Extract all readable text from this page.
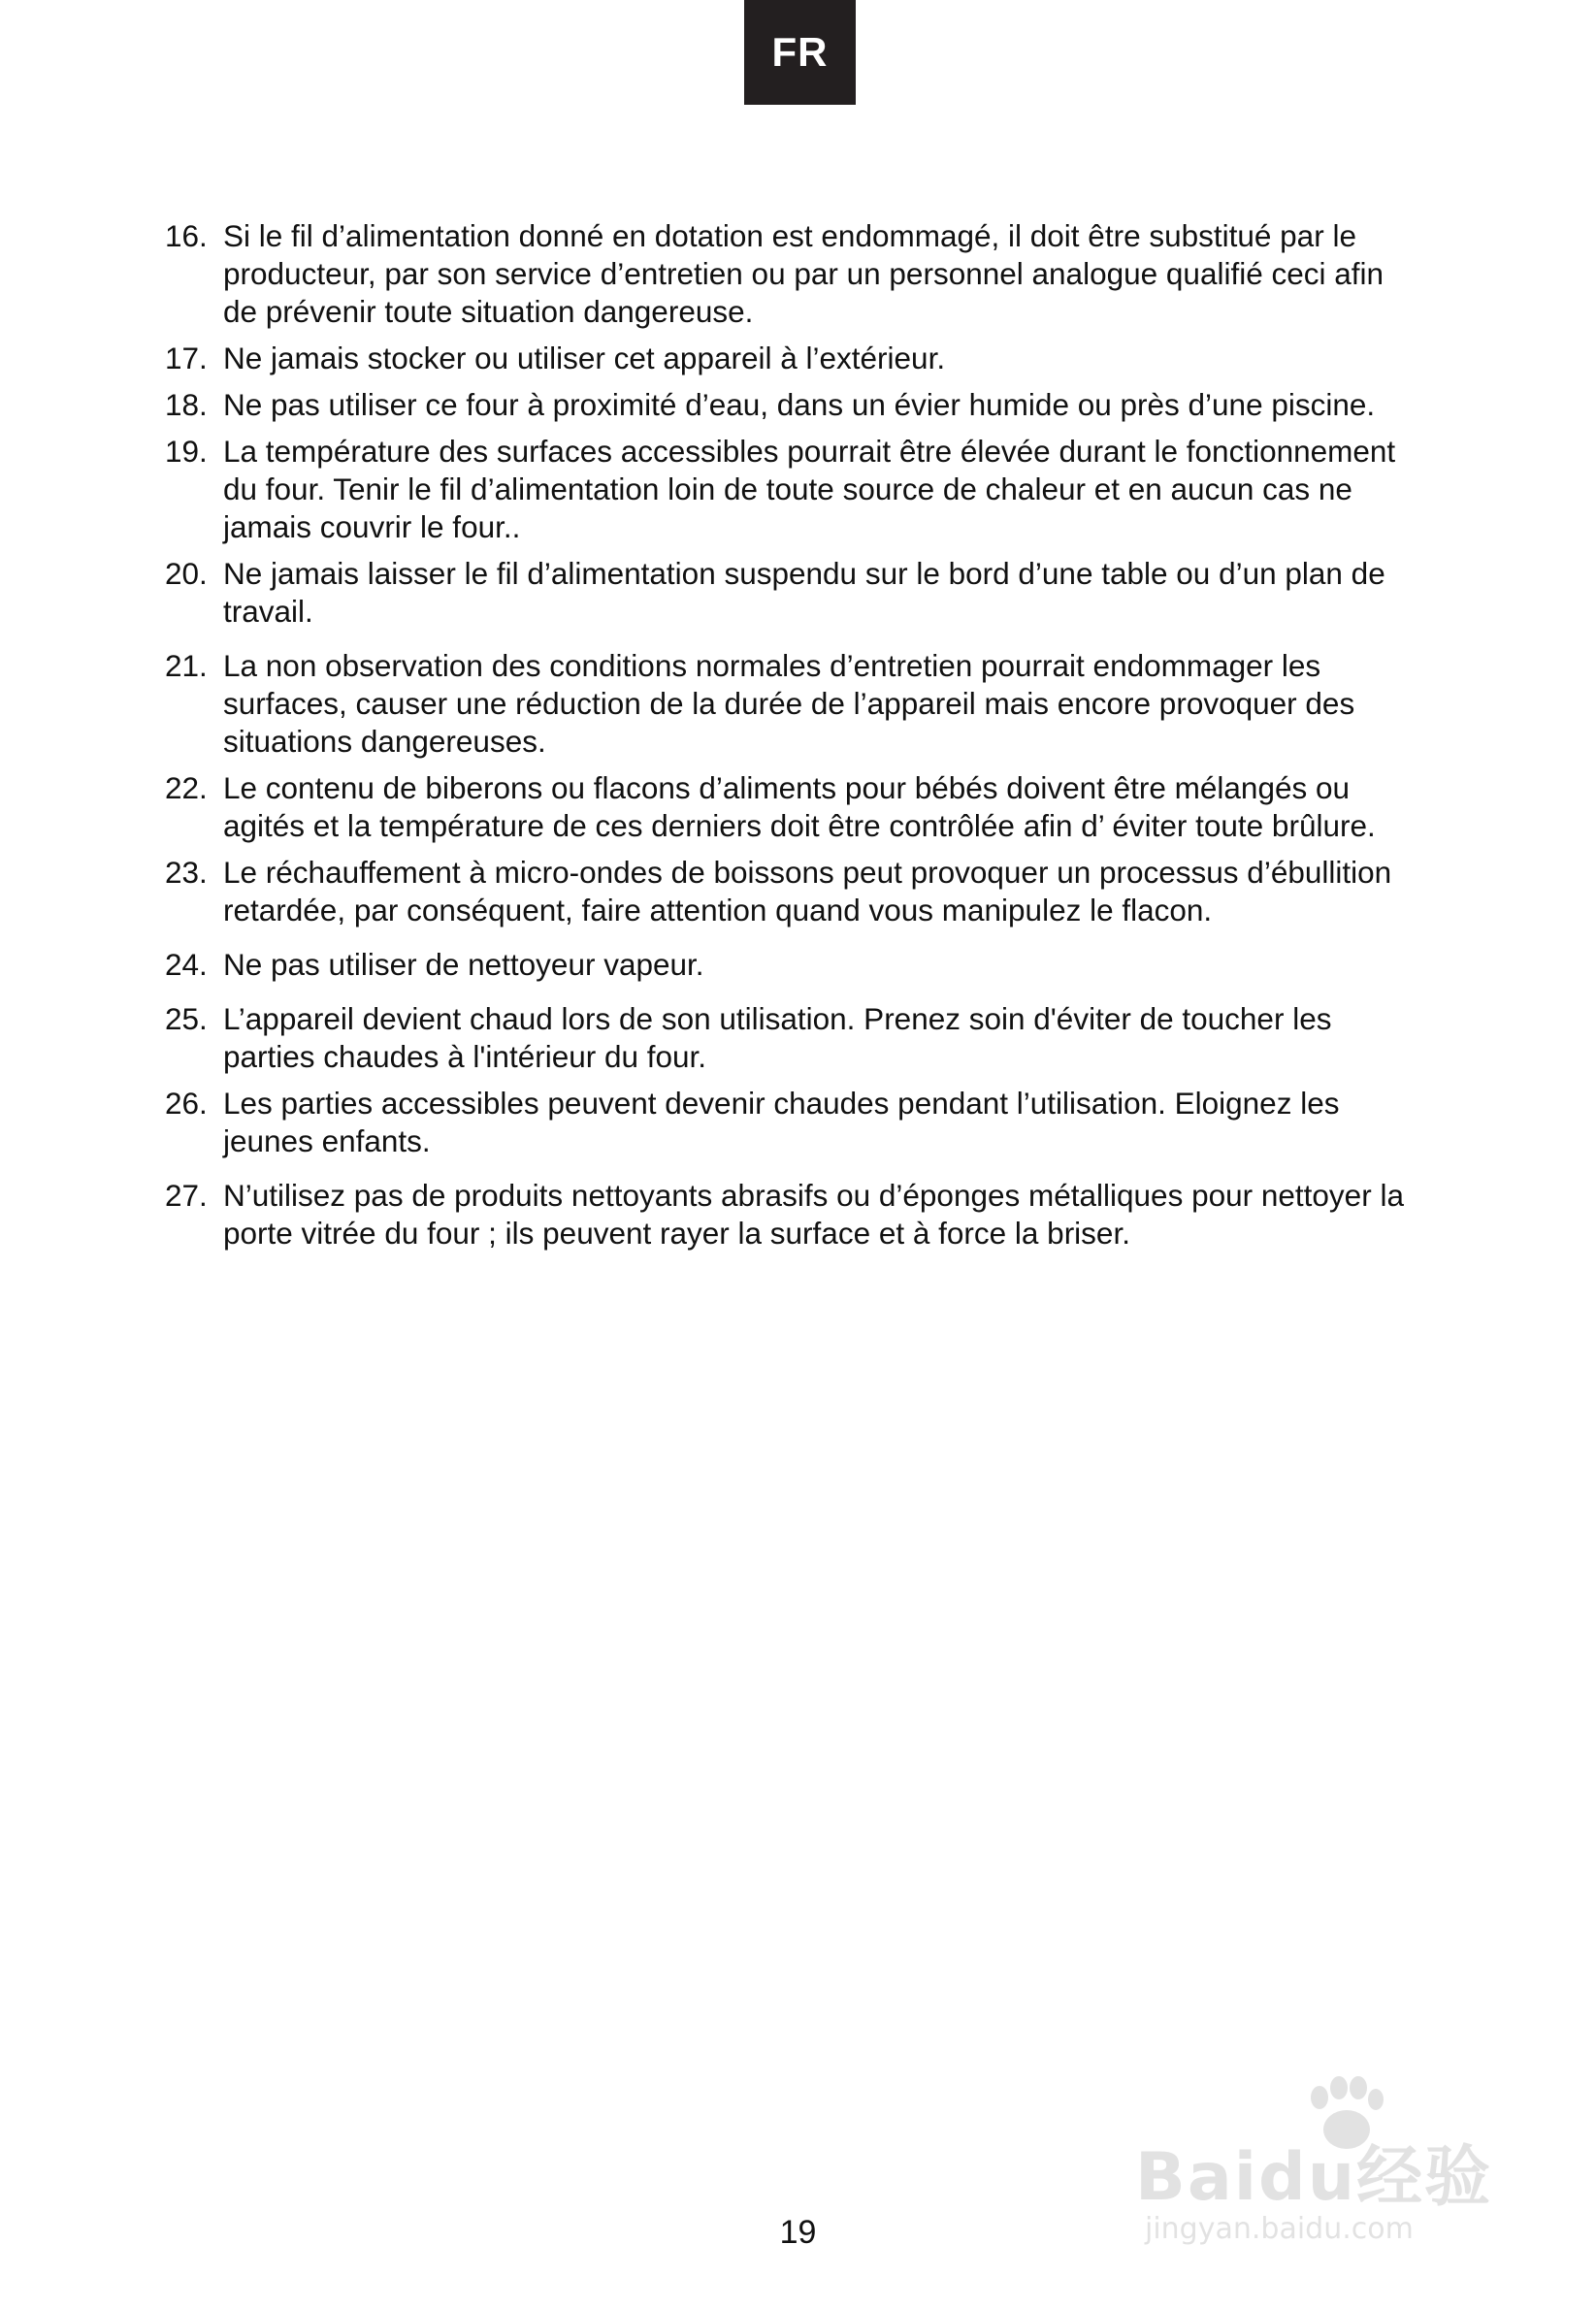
FR
16. Si le fil d’alimentation donné en dotation est endommagé, il doit être substitué par le producteur, par son service d’entretien ou par un personnel analogue qualifié ceci afin de prévenir toute situation dangereuse.
17. Ne jamais stocker ou utiliser cet appareil à l’extérieur.
18. Ne pas utiliser ce four à proximité d’eau, dans un évier humide ou près d’une piscine.
19. La température des surfaces accessibles pourrait être élevée durant le fonctionnement du four. Tenir le fil d’alimentation loin de toute source de chaleur et en aucun cas ne jamais couvrir le four..
20. Ne jamais laisser le fil d’alimentation suspendu sur le bord d’une table ou d’un plan de travail.
21. La non observation des conditions normales d’entretien pourrait endommager les surfaces, causer une réduction de la durée de l’appareil mais encore provoquer des situations dangereuses.
22. Le contenu de biberons ou flacons d’aliments pour bébés doivent être mélangés ou agités et la température de ces derniers doit être contrôlée afin d’ éviter toute brûlure.
23. Le réchauffement à micro-ondes de boissons peut provoquer un processus d’ébullition retardée, par conséquent, faire attention quand vous manipulez le flacon.
24. Ne pas utiliser de nettoyeur vapeur.
25. L’appareil devient chaud lors de son utilisation. Prenez soin d'éviter de toucher les parties chaudes à l'intérieur du four.
26. Les parties accessibles peuvent devenir chaudes pendant l’utilisation. Eloignez les jeunes enfants.
27. N’utilisez pas de produits nettoyants abrasifs ou d’éponges métalliques pour nettoyer la porte vitrée du four ; ils peuvent rayer la surface et à force la briser.
Baidu经验
jingyan.baidu.com
19
